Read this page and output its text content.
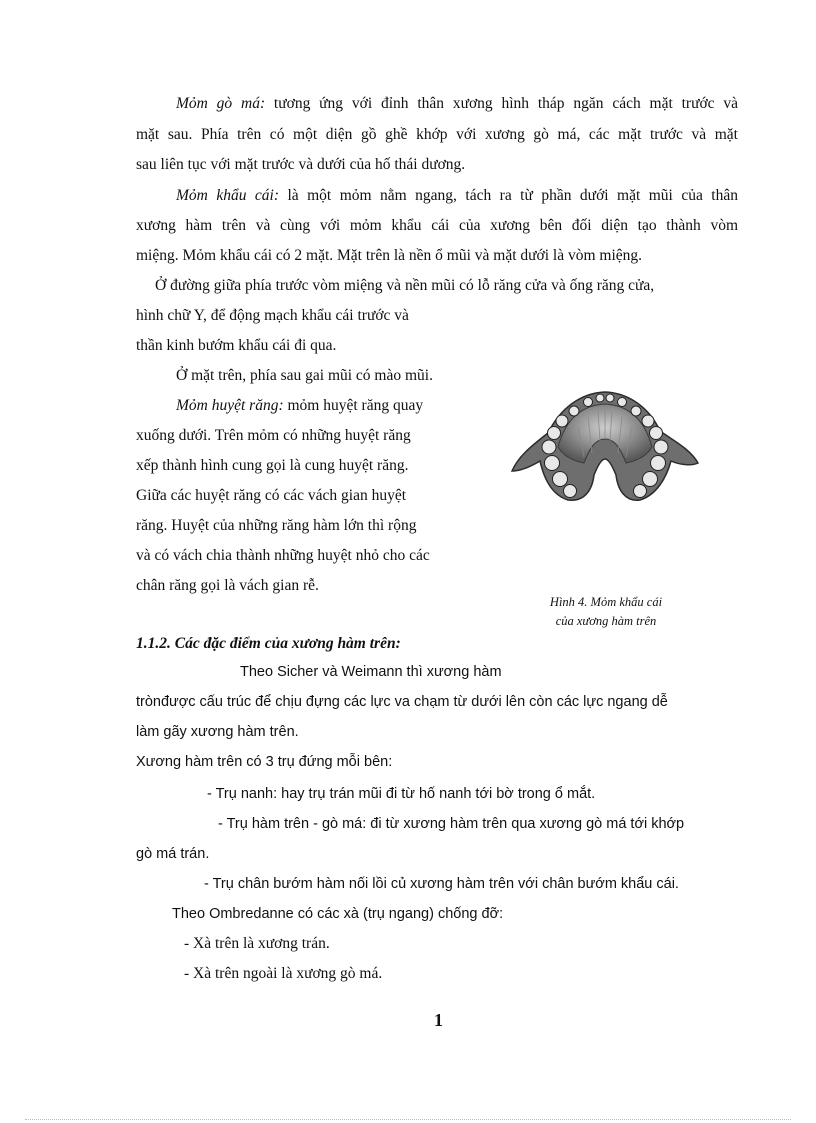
Mỏm gò má: tương ứng với đỉnh thân xương hình tháp ngăn cách mặt trước và
mặt sau. Phía trên có một diện gồ ghề khớp với xương gò má, các mặt trước và mặt
sau liên tục với mặt trước và dưới của hố thái dương.
Mỏm khẩu cái: là một mỏm nằm ngang, tách ra từ phần dưới mặt mũi của thân
xương hàm trên và cùng với mỏm khẩu cái của xương bên đối diện tạo thành vòm
miệng. Mỏm khẩu cái có 2 mặt. Mặt trên là nền ổ mũi và mặt dưới là vòm miệng.
Ở đường giữa phía trước vòm miệng và nền mũi có lỗ răng cửa và ống răng cửa,
hình chữ Y, để động mạch khẩu cái trước và
thần kinh bướm khẩu cái đi qua.
Ở mặt trên, phía sau gai mũi có mào mũi.
Mỏm huyệt răng: mỏm huyệt răng quay
xuống dưới. Trên mỏm có những huyệt răng
xếp thành hình cung gọi là cung huyệt răng.
Giữa các huyệt răng có các vách gian huyệt
răng. Huyệt của những răng hàm lớn thì rộng
và có vách chia thành những huyệt nhỏ cho các
chân răng gọi là vách gian rễ.
Hình 4. Mỏm khẩu cái
của xương hàm trên
1.1.2. Các đặc điểm của xương hàm trên:
Theo Sicher và Weimann thì xương hàm
trònđược cấu trúc để chịu đựng các lực va chạm từ dưới lên còn các lực ngang dễ
làm gãy xương hàm trên.
Xương hàm trên có 3 trụ đứng mỗi bên:
- Trụ nanh: hay trụ trán mũi đi từ hố nanh tới bờ trong ổ mắt.
- Trụ hàm trên - gò má: đi từ xương hàm trên qua xương gò má tới khớp
gò má trán.
- Trụ chân bướm hàm nối lồi củ xương hàm trên với chân bướm khẩu cái.
Theo Ombredanne có các xà (trụ ngang) chống đỡ:
- Xà trên là xương trán.
- Xà trên ngoài là xương gò má.
1
